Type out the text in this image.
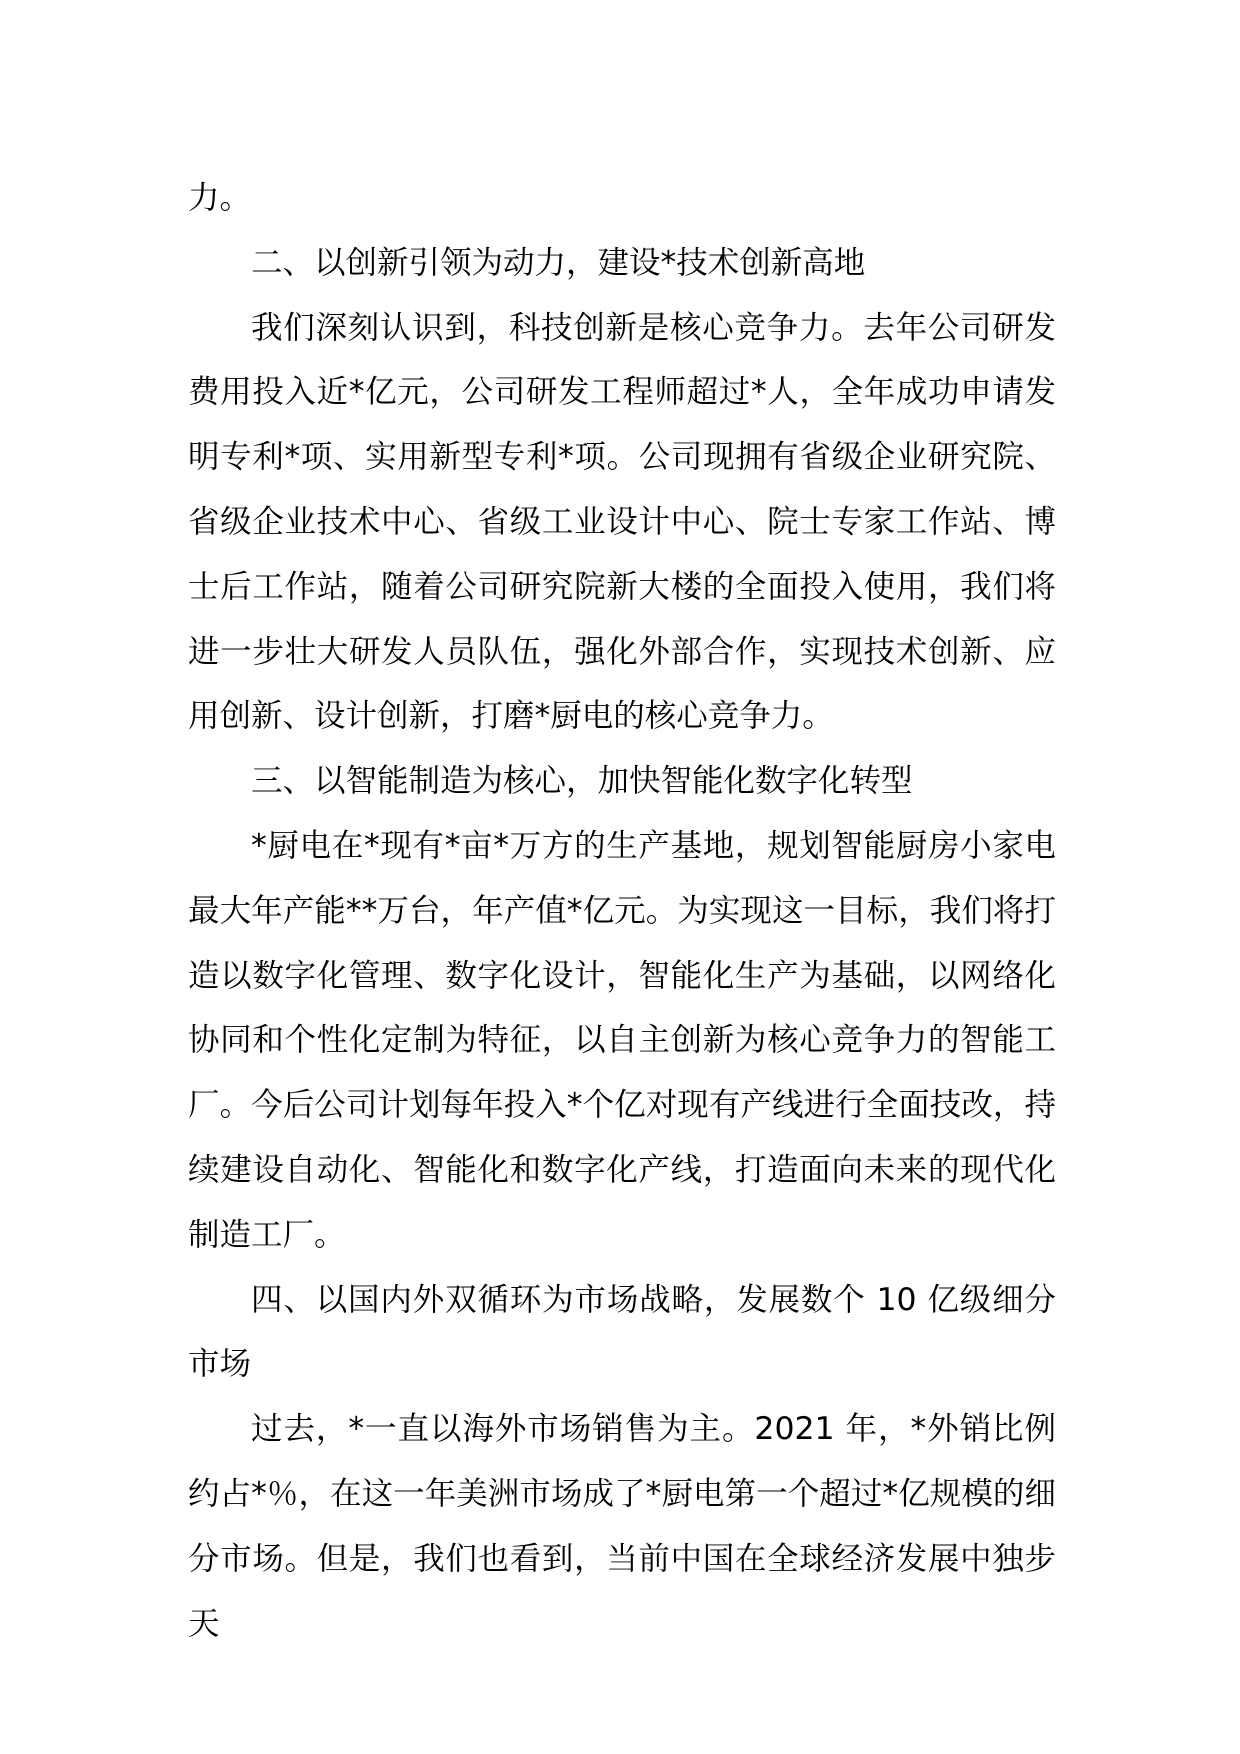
力。

二、以创新引领为动力，建设*技术创新高地

我们深刻认识到，科技创新是核心竞争力。去年公司研发费用投入近*亿元，公司研发工程师超过*人，全年成功申请发明专利*项、实用新型专利*项。公司现拥有省级企业研究院、省级企业技术中心、省级工业设计中心、院士专家工作站、博士后工作站，随着公司研究院新大楼的全面投入使用，我们将进一步壮大研发人员队伍，强化外部合作，实现技术创新、应用创新、设计创新，打磨*厨电的核心竞争力。

三、以智能制造为核心，加快智能化数字化转型

*厨电在*现有*亩*万方的生产基地，规划智能厨房小家电最大年产能**万台，年产值*亿元。为实现这一目标，我们将打造以数字化管理、数字化设计，智能化生产为基础，以网络化协同和个性化定制为特征，以自主创新为核心竞争力的智能工厂。今后公司计划每年投入*个亿对现有产线进行全面技改，持续建设自动化、智能化和数字化产线，打造面向未来的现代化制造工厂。

四、以国内外双循环为市场战略，发展数个 10 亿级细分市场

过去，*一直以海外市场销售为主。2021 年，*外销比例约占*％，在这一年美洲市场成了*厨电第一个超过*亿规模的细分市场。但是，我们也看到，当前中国在全球经济发展中独步天
